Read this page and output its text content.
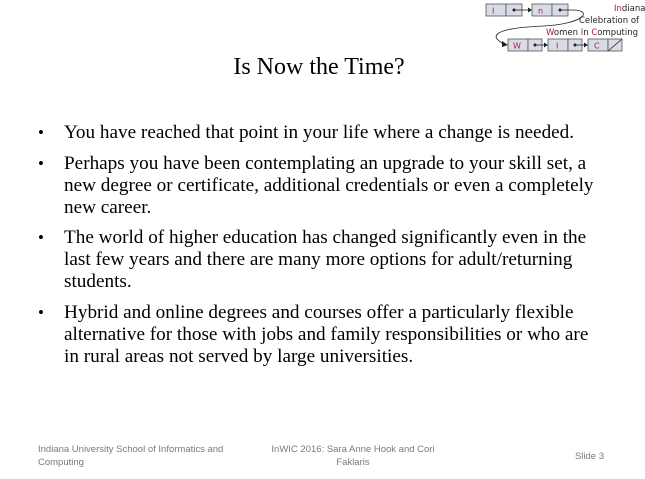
I	n
W	I	C
Indiana
Celebration of
Women In Computing
Is Now the Time?
• You have reached that point in your life where a change is needed.
• Perhaps you have been contemplating an upgrade to your skill set, a new degree or certificate, additional credentials or even a completely new career.
• The world of higher education has changed significantly even in the last few years and there are many more options for adult/returning students.
• Hybrid and online degrees and courses offer a particularly flexible alternative for those with jobs and family responsibilities or who are in rural areas not served by large universities.
Indiana University School of Informatics and Computing
InWIC 2016: Sara Anne Hook and Cori Faklaris
Slide 3
